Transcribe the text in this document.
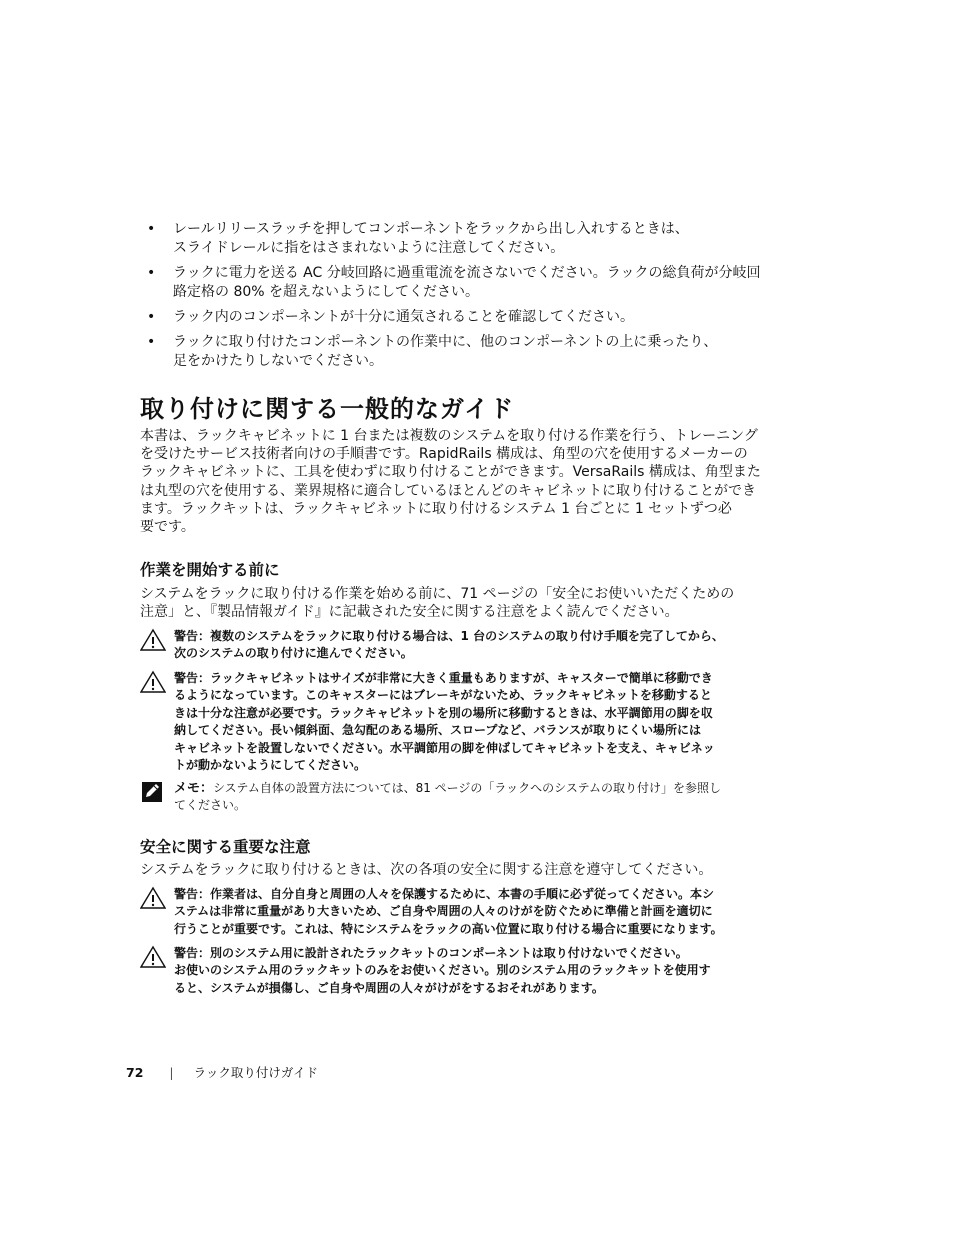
• レールリリースラッチを押してコンポーネントをラックから出し入れするときは、
スライドレールに指をはさまれないように注意してください。
• ラックに電力を送る AC 分岐回路に過重電流を流さないでください。ラックの総負荷が分岐回
路定格の 80% を超えないようにしてください。
• ラック内のコンポーネントが十分に通気されることを確認してください。
• ラックに取り付けたコンポーネントの作業中に、他のコンポーネントの上に乗ったり、
足をかけたりしないでください。
取り付けに関する一般的なガイド
本書は、ラックキャビネットに 1 台または複数のシステムを取り付ける作業を行う、トレーニング
を受けたサービス技術者向けの手順書です。RapidRails 構成は、角型の穴を使用するメーカーの
ラックキャビネットに、工具を使わずに取り付けることができます。VersaRails 構成は、角型また
は丸型の穴を使用する、業界規格に適合しているほとんどのキャビネットに取り付けることができ
ます。ラックキットは、ラックキャビネットに取り付けるシステム 1 台ごとに 1 セットずつ必
要です。
作業を開始する前に
システムをラックに取り付ける作業を始める前に、71 ページの「安全にお使いいただくための
注意」と、『製品情報ガイド』に記載された安全に関する注意をよく読んでください。
警告：複数のシステムをラックに取り付ける場合は、1 台のシステムの取り付け手順を完了してから、
次のシステムの取り付けに進んでください。
警告：ラックキャビネットはサイズが非常に大きく重量もありますが、キャスターで簡単に移動でき
るようになっています。このキャスターにはブレーキがないため、ラックキャビネットを移動すると
きは十分な注意が必要です。ラックキャビネットを別の場所に移動するときは、水平調節用の脚を収
納してください。長い傾斜面、急勾配のある場所、スロープなど、バランスが取りにくい場所には
キャビネットを設置しないでください。水平調節用の脚を伸ばしてキャビネットを支え、キャビネッ
トが動かないようにしてください。
メモ：システム自体の設置方法については、81 ページの「ラックへのシステムの取り付け」を参照し
てください。
安全に関する重要な注意
システムをラックに取り付けるときは、次の各項の安全に関する注意を遵守してください。
警告：作業者は、自分自身と周囲の人々を保護するために、本書の手順に必ず従ってください。本シ
ステムは非常に重量があり大きいため、ご自身や周囲の人々のけがを防ぐために準備と計画を適切に
行うことが重要です。これは、特にシステムをラックの高い位置に取り付ける場合に重要になります。
警告：別のシステム用に設計されたラックキットのコンポーネントは取り付けないでください。
お使いのシステム用のラックキットのみをお使いください。別のシステム用のラックキットを使用す
ると、システムが損傷し、ご自身や周囲の人々がけがをするおそれがあります。
72 | ラック取り付けガイド
